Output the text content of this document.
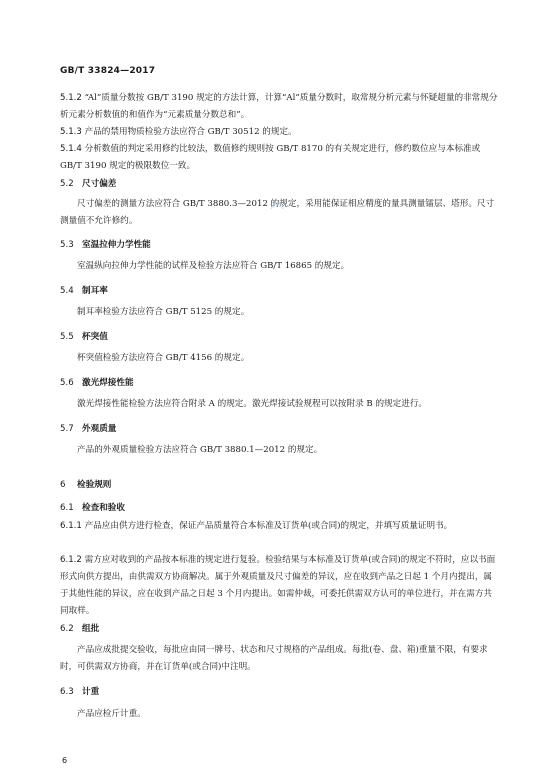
GB/T 33824—2017
5.1.2 “Al”质量分数按 GB/T 3190 规定的方法计算，计算“Al”质量分数时，取常规分析元素与怀疑超量的非常规分析元素分析数值的和值作为“元素质量分数总和”。
5.1.3 产品的禁用物质检验方法应符合 GB/T 30512 的规定。
5.1.4 分析数值的判定采用修约比较法，数值修约规则按 GB/T 8170 的有关规定进行，修约数位应与本标准或 GB/T 3190 规定的极限数位一致。
5.2 尺寸偏差
尺寸偏差的测量方法应符合 GB/T 3880.3—2012 的规定，采用能保证相应精度的量具测量镭层、塔形。尺寸测量值不允许修约。
5.3 室温拉伸力学性能
室温纵向拉伸力学性能的试样及检验方法应符合 GB/T 16865 的规定。
5.4 制耳率
制耳率检验方法应符合 GB/T 5125 的规定。
5.5 杯突值
杯突值检验方法应符合 GB/T 4156 的规定。
5.6 激光焊接性能
激光焊接性能检验方法应符合附录 A 的规定。激光焊接试验规程可以按附录 B 的规定进行。
5.7 外观质量
产品的外观质量检验方法应符合 GB/T 3880.1—2012 的规定。
6 检验规则
6.1 检查和验收
6.1.1 产品应由供方进行检查，保证产品质量符合本标准及订货单(或合同)的规定，并填写质量证明书。
6.1.2 需方应对收到的产品按本标准的规定进行复验。检验结果与本标准及订货单(或合同)的规定不符时，应以书面形式向供方提出，由供需双方协商解决。属于外观质量及尺寸偏差的异议，应在收到产品之日起 1 个月内提出，属于其他性能的异议，应在收到产品之日起 3 个月内提出。如需仲裁，可委托供需双方认可的单位进行，并在需方共同取样。
6.2 组批
产品应成批提交验收，每批应由同一牌号、状态和尺寸规格的产品组成。每批(卷、盘、箱)重量不限，有要求时，可供需双方协商，并在订货单(或合同)中注明。
6.3 计重
产品应检斤计重。
6
